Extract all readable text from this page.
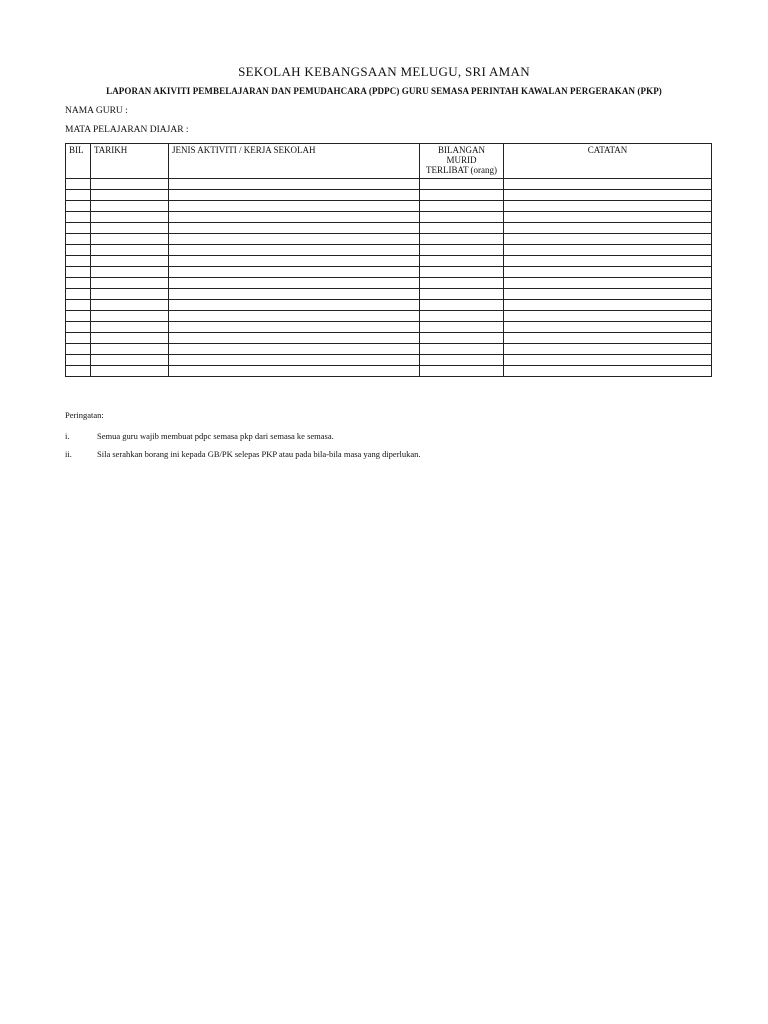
SEKOLAH KEBANGSAAN MELUGU, SRI AMAN
LAPORAN AKIVITI PEMBELAJARAN DAN PEMUDAHCARA (PDPC) GURU SEMASA PERINTAH KAWALAN PERGERAKAN (PKP)
NAMA GURU :
MATA PELAJARAN DIAJAR :
BIL	TARIKH	JENIS AKTIVITI / KERJA SEKOLAH	BILANGAN
MURID
TERLIBAT (orang)	CATATAN

Peringatan:
i.	Semua guru wajib membuat pdpc semasa pkp dari semasa ke semasa.
ii.	Sila serahkan borang ini kepada GB/PK selepas PKP atau pada bila-bila masa yang diperlukan.
